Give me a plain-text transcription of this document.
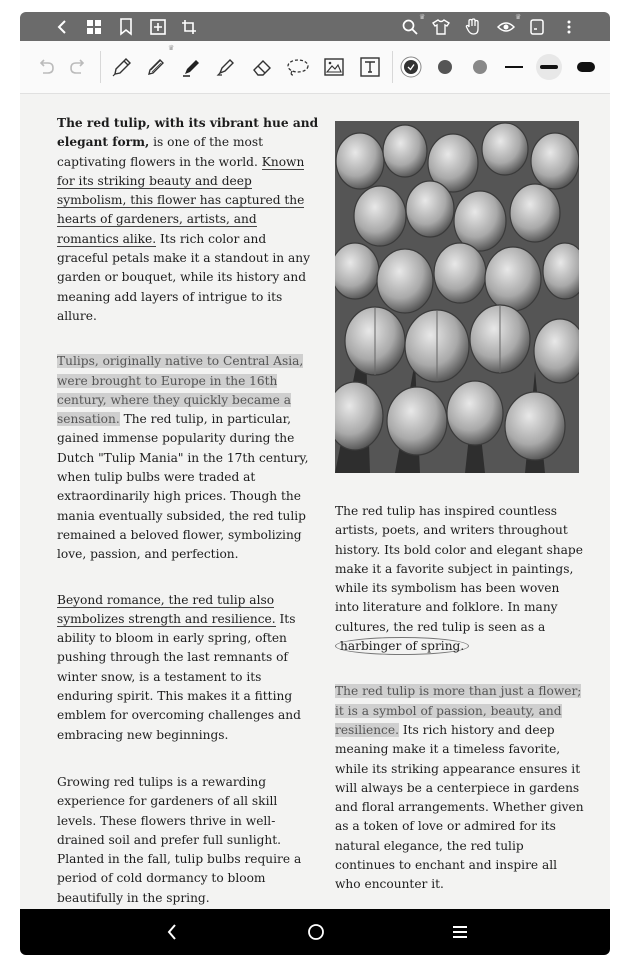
♛	♛
♛

The red tulip, with its vibrant hue and elegant form, is one of the most captivating flowers in the world. Known for its striking beauty and deep symbolism, this flower has captured the hearts of gardeners, artists, and romantics alike. Its rich color and graceful petals make it a standout in any garden or bouquet, while its history and meaning add layers of intrigue to its allure.

Tulips, originally native to Central Asia, were brought to Europe in the 16th century, where they quickly became a sensation. The red tulip, in particular, gained immense popularity during the Dutch "Tulip Mania" in the 17th century, when tulip bulbs were traded at extraordinarily high prices. Though the mania eventually subsided, the red tulip remained a beloved flower, symbolizing love, passion, and perfection.

Beyond romance, the red tulip also symbolizes strength and resilience. Its ability to bloom in early spring, often pushing through the last remnants of winter snow, is a testament to its enduring spirit. This makes it a fitting emblem for overcoming challenges and embracing new beginnings.

Growing red tulips is a rewarding experience for gardeners of all skill levels. These flowers thrive in well-drained soil and prefer full sunlight. Planted in the fall, tulip bulbs require a period of cold dormancy to bloom beautifully in the spring.

The red tulip has inspired countless artists, poets, and writers throughout history. Its bold color and elegant shape make it a favorite subject in paintings, while its symbolism has been woven into literature and folklore. In many cultures, the red tulip is seen as a harbinger of spring.

The red tulip is more than just a flower; it is a symbol of passion, beauty, and resilience. Its rich history and deep meaning make it a timeless favorite, while its striking appearance ensures it will always be a centerpiece in gardens and floral arrangements. Whether given as a token of love or admired for its natural elegance, the red tulip continues to enchant and inspire all who encounter it.
